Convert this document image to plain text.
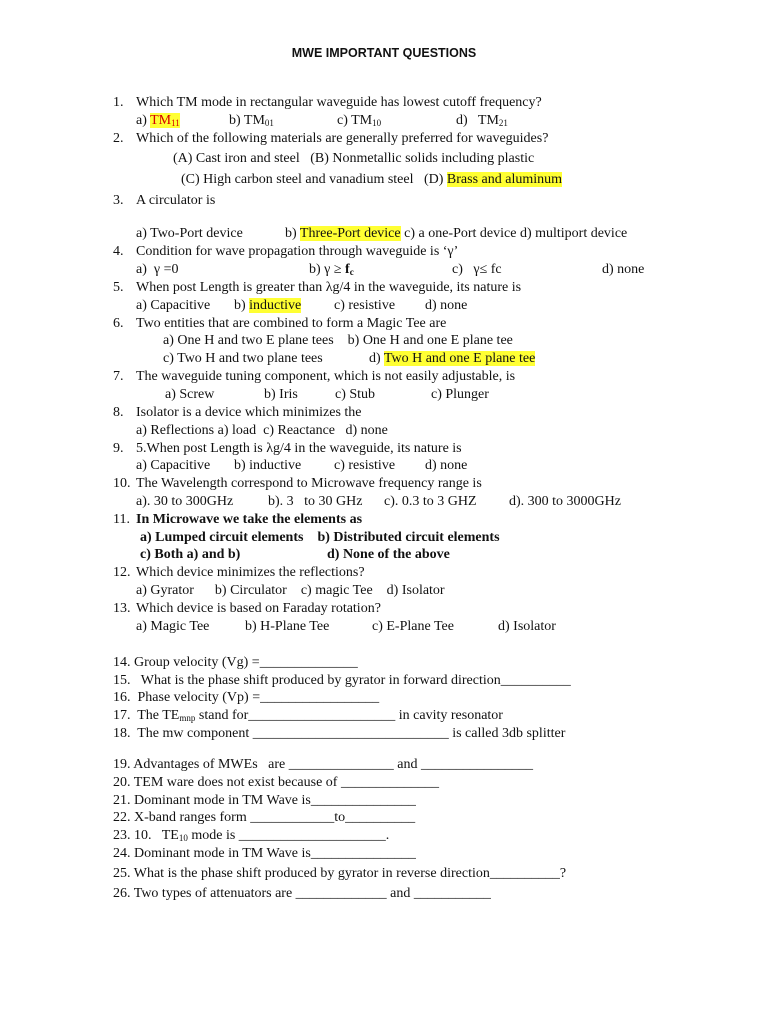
MWE IMPORTANT QUESTIONS
1. Which TM mode in rectangular waveguide has lowest cutoff frequency?
a) $TM_{11}$	b) $TM_{01}$	c) $TM_{10}$	d)   $TM_{21}$
2. Which of the following materials are generally preferred for waveguides?
(A) Cast iron and steel   (B) Nonmetallic solids including plastic
(C) High carbon steel and vanadium steel   (D) Brass and aluminum
3. A circulator is
a) Two-Port device	b) Three-Port device c) a one-Port device d) multiport device
4. Condition for wave propagation through waveguide is ‘γ’
a)  γ =0	b) $\gamma \ge f_c$	c)   γ≤ fc	d) none
5. When post Length is greater than λg/4 in the waveguide, its nature is
a) Capacitive b) inductive c) resistive d) none
6. Two entities that are combined to form a Magic Tee are
a) One H and two E plane tees    b) One H and one E plane tee
c) Two H and two plane tees	d) Two H and one E plane tee
7. The waveguide tuning component, which is not easily adjustable, is
a) Screw	b) Iris	c) Stub	c) Plunger
8. Isolator is a device which minimizes the
a) Reflections a) load  c) Reactance   d) none
9. 5.When post Length is λg/4 in the waveguide, its nature is
a) Capacitive b) inductive c) resistive d) none
10. The Wavelength correspond to Microwave frequency range is
a). 30 to 300GHz b). 3   to 30 GHz c). 0.3 to 3 GHZ d). 300 to 3000GHz
11. In Microwave we take the elements as
a) Lumped circuit elements    b) Distributed circuit elements
c) Both a) and b)	d) None of the above
12. Which device minimizes the reflections?
a) Gyrator      b) Circulator    c) magic Tee    d) Isolator
13. Which device is based on Faraday rotation?
a) Magic Tee	b) H-Plane Tee	c) E-Plane Tee	d) Isolator
14. Group velocity (Vg) =______________
15.   What is the phase shift produced by gyrator in forward direction__________
16.  Phase velocity (Vp) =_________________
17.  The $TE_{mnp}$ stand for_____________________ in cavity resonator
18.  The mw component ____________________________ is called 3db splitter
19. Advantages of MWEs   are _______________ and ________________
20. TEM ware does not exist because of ______________
21. Dominant mode in TM Wave is_______________
22. X-band ranges form ____________to__________
23. 10.   $TE_{10}$ mode is _____________________.
24. Dominant mode in TM Wave is_______________
25. What is the phase shift produced by gyrator in reverse direction__________?
26. Two types of attenuators are _____________ and ___________
